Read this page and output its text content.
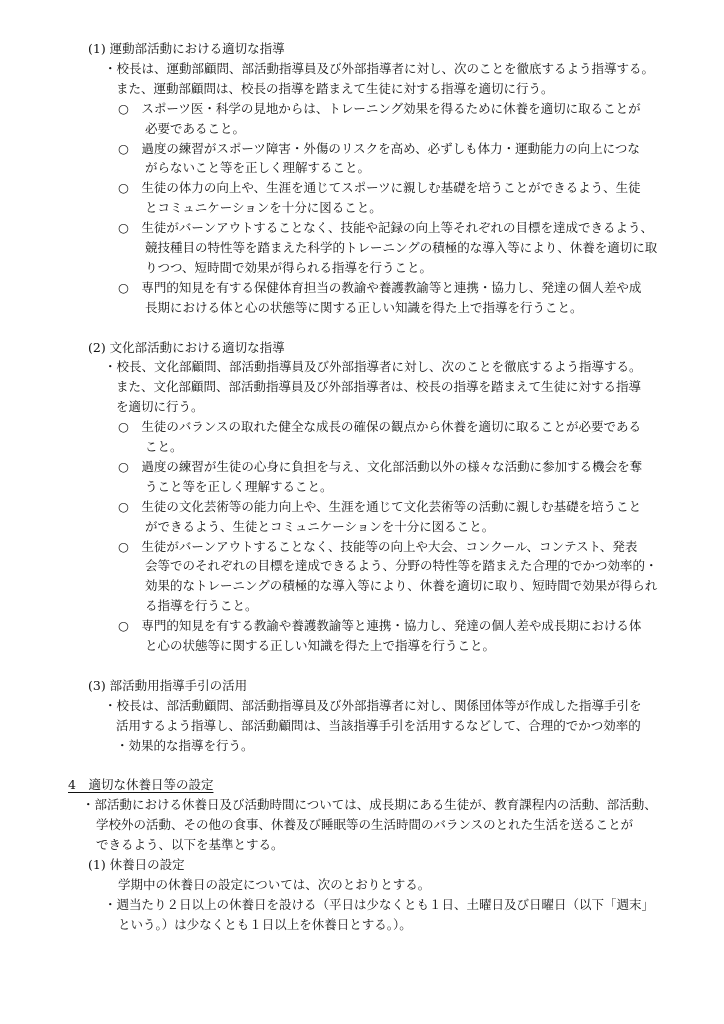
(1) 運動部活動における適切な指導
・校長は、運動部顧問、部活動指導員及び外部指導者に対し、次のことを徹底するよう指導する。
また、運動部顧問は、校長の指導を踏まえて生徒に対する指導を適切に行う。
○　スポーツ医・科学の見地からは、トレーニング効果を得るために休養を適切に取ることが
必要であること。
○　過度の練習がスポーツ障害・外傷のリスクを高め、必ずしも体力・運動能力の向上につな
がらないこと等を正しく理解すること。
○　生徒の体力の向上や、生涯を通じてスポーツに親しむ基礎を培うことができるよう、生徒
とコミュニケーションを十分に図ること。
○　生徒がバーンアウトすることなく、技能や記録の向上等それぞれの目標を達成できるよう、
競技種目の特性等を踏まえた科学的トレーニングの積極的な導入等により、休養を適切に取
りつつ、短時間で効果が得られる指導を行うこと。
○　専門的知見を有する保健体育担当の教諭や養護教諭等と連携・協力し、発達の個人差や成
長期における体と心の状態等に関する正しい知識を得た上で指導を行うこと。
(2) 文化部活動における適切な指導
・校長、文化部顧問、部活動指導員及び外部指導者に対し、次のことを徹底するよう指導する。
また、文化部顧問、部活動指導員及び外部指導者は、校長の指導を踏まえて生徒に対する指導
を適切に行う。
○　生徒のバランスの取れた健全な成長の確保の観点から休養を適切に取ることが必要である
こと。
○　過度の練習が生徒の心身に負担を与え、文化部活動以外の様々な活動に参加する機会を奪
うこと等を正しく理解すること。
○　生徒の文化芸術等の能力向上や、生涯を通じて文化芸術等の活動に親しむ基礎を培うこと
ができるよう、生徒とコミュニケーションを十分に図ること。
○　生徒がバーンアウトすることなく、技能等の向上や大会、コンクール、コンテスト、発表
会等でのそれぞれの目標を達成できるよう、分野の特性等を踏まえた合理的でかつ効率的・
効果的なトレーニングの積極的な導入等により、休養を適切に取り、短時間で効果が得られ
る指導を行うこと。
○　専門的知見を有する教諭や養護教諭等と連携・協力し、発達の個人差や成長期における体
と心の状態等に関する正しい知識を得た上で指導を行うこと。
(3) 部活動用指導手引の活用
・校長は、部活動顧問、部活動指導員及び外部指導者に対し、関係団体等が作成した指導手引を
活用するよう指導し、部活動顧問は、当該指導手引を活用するなどして、合理的でかつ効率的
・効果的な指導を行う。
4　適切な休養日等の設定
・部活動における休養日及び活動時間については、成長期にある生徒が、教育課程内の活動、部活動、
学校外の活動、その他の食事、休養及び睡眠等の生活時間のバランスのとれた生活を送ることが
できるよう、以下を基準とする。
(1) 休養日の設定
学期中の休養日の設定については、次のとおりとする。
・週当たり２日以上の休養日を設ける（平日は少なくとも１日、土曜日及び日曜日（以下「週末」
という。）は少なくとも１日以上を休養日とする。）。
